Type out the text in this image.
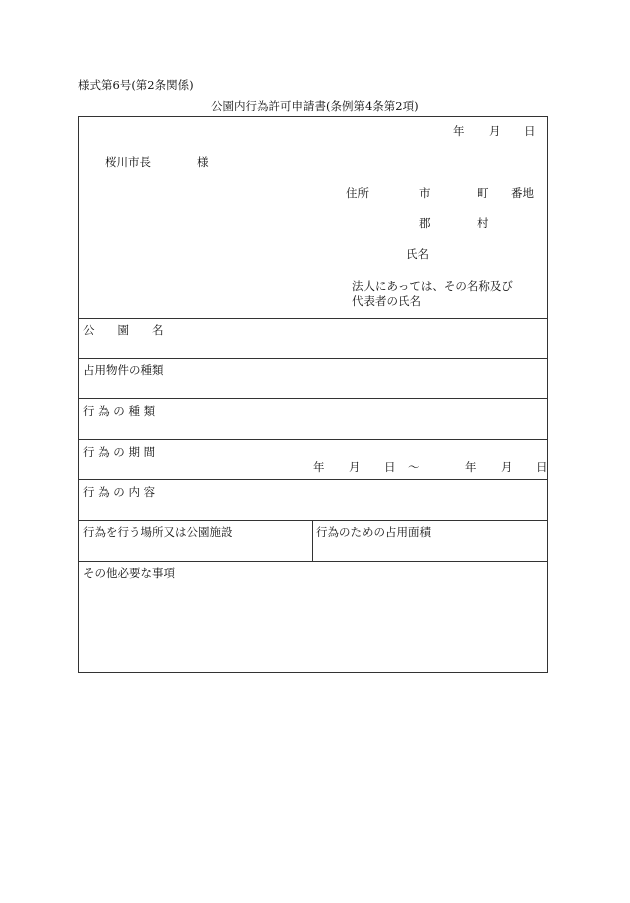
様式第6号(第2条関係)
公園内行為許可申請書(条例第4条第2項)
年 月 日
桜川市長	様
住所	市	町 番地
郡	村
氏名
法人にあっては、その名称及び
代表者の氏名
公　　園　　名
占用物件の種類
行 為 の 種 類
行 為 の 期 間
年 月 日 ～	年 月 日
行 為 の 内 容
行為を行う場所又は公園施設	行為のための占用面積
その他必要な事項
